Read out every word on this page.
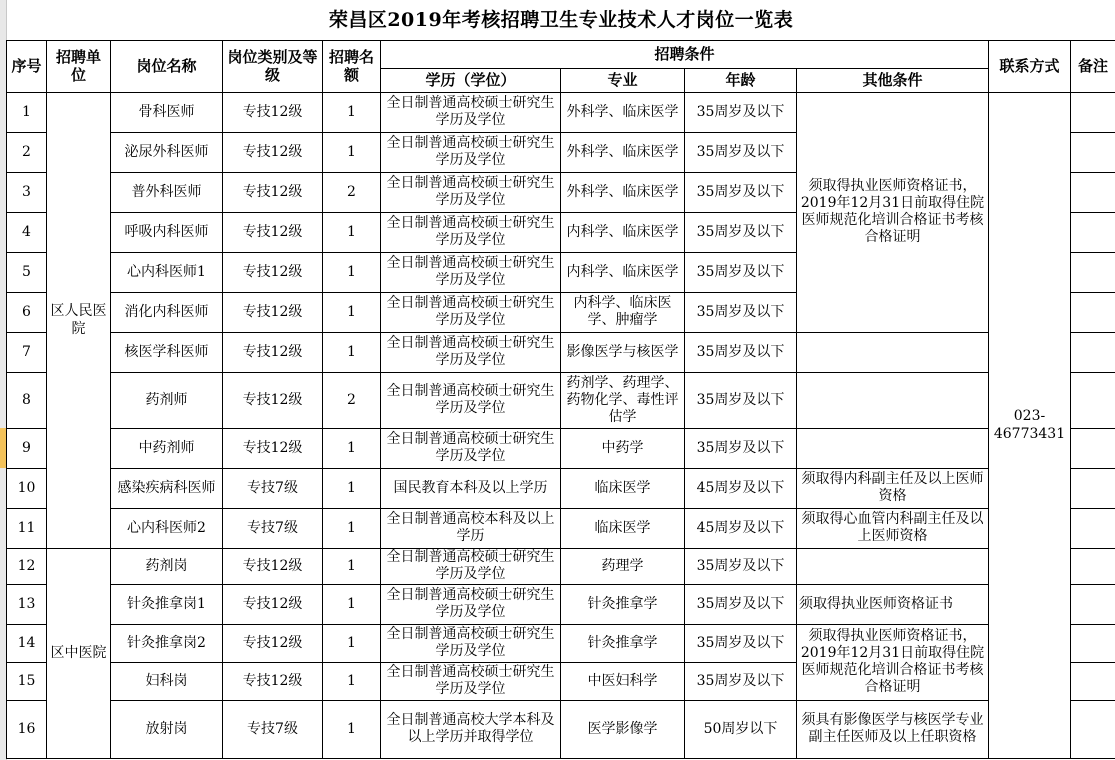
荣昌区2019年考核招聘卫生专业技术人才岗位一览表										
序号	招聘单位	岗位名称	岗位类别及等级	招聘名额	招聘条件				联系方式	备注
					学历（学位）	专业	年龄	其他条件		
1	区人民医院	骨科医师	专技12级	1	全日制普通高校硕士研究生学历及学位	外科学、临床医学	35周岁及以下	须取得执业医师资格证书，2019年12月31日前取得住院医师规范化培训合格证书考核合格证明	023-46773431	
2		泌尿外科医师	专技12级	1	全日制普通高校硕士研究生学历及学位	外科学、临床医学	35周岁及以下			
3		普外科医师	专技12级	2	全日制普通高校硕士研究生学历及学位	外科学、临床医学	35周岁及以下			
4		呼吸内科医师	专技12级	1	全日制普通高校硕士研究生学历及学位	内科学、临床医学	35周岁及以下			
5		心内科医师1	专技12级	1	全日制普通高校硕士研究生学历及学位	内科学、临床医学	35周岁及以下			
6		消化内科医师	专技12级	1	全日制普通高校硕士研究生学历及学位	内科学、临床医学、肿瘤学	35周岁及以下			
7		核医学科医师	专技12级	1	全日制普通高校硕士研究生学历及学位	影像医学与核医学	35周岁及以下			
8		药剂师	专技12级	2	全日制普通高校硕士研究生学历及学位	药剂学、药理学、药物化学、毒性评估学	35周岁及以下			
9		中药剂师	专技12级	1	全日制普通高校硕士研究生学历及学位	中药学	35周岁及以下			
10		感染疾病科医师	专技7级	1	国民教育本科及以上学历	临床医学	45周岁及以下	须取得内科副主任及以上医师资格		
11		心内科医师2	专技7级	1	全日制普通高校本科及以上学历	临床医学	45周岁及以下	须取得心血管内科副主任及以上医师资格		
12	区中医院	药剂岗	专技12级	1	全日制普通高校硕士研究生学历及学位	药理学	35周岁及以下			
13		针灸推拿岗1	专技12级	1	全日制普通高校硕士研究生学历及学位	针灸推拿学	35周岁及以下	须取得执业医师资格证书		
14		针灸推拿岗2	专技12级	1	全日制普通高校硕士研究生学历及学位	针灸推拿学	35周岁及以下	须取得执业医师资格证书，2019年12月31日前取得住院医师规范化培训合格证书考核合格证明		
15		妇科岗	专技12级	1	全日制普通高校硕士研究生学历及学位	中医妇科学	35周岁及以下			
16		放射岗	专技7级	1	全日制普通高校大学本科及以上学历并取得学位	医学影像学	50周岁以下	须具有影像医学与核医学专业副主任医师及以上任职资格		
